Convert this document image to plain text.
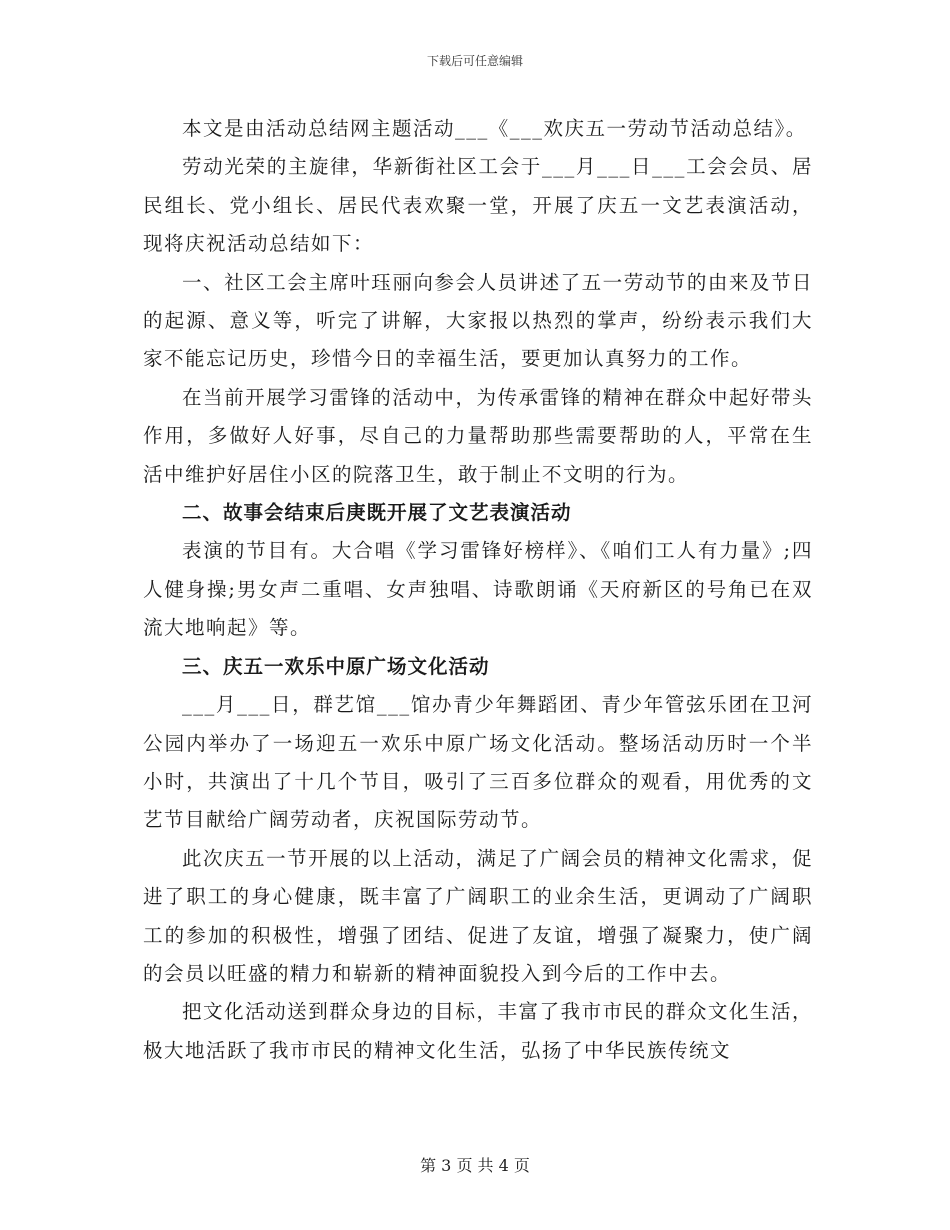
下载后可任意编辑

本文是由活动总结网主题活动___《___欢庆五一劳动节活动总结》。

劳动光荣的主旋律，华新街社区工会于___月___日___工会会员、居民组长、党小组长、居民代表欢聚一堂，开展了庆五一文艺表演活动，现将庆祝活动总结如下：

一、社区工会主席叶珏丽向参会人员讲述了五一劳动节的由来及节日的起源、意义等，听完了讲解，大家报以热烈的掌声，纷纷表示我们大家不能忘记历史，珍惜今日的幸福生活，要更加认真努力的工作。

在当前开展学习雷锋的活动中，为传承雷锋的精神在群众中起好带头作用，多做好人好事，尽自己的力量帮助那些需要帮助的人，平常在生活中维护好居住小区的院落卫生，敢于制止不文明的行为。

二、故事会结束后庚既开展了文艺表演活动

表演的节目有。大合唱《学习雷锋好榜样》、《咱们工人有力量》;四人健身操;男女声二重唱、女声独唱、诗歌朗诵《天府新区的号角已在双流大地响起》等。

三、庆五一欢乐中原广场文化活动

___月___日，群艺馆___馆办青少年舞蹈团、青少年管弦乐团在卫河公园内举办了一场迎五一欢乐中原广场文化活动。整场活动历时一个半小时，共演出了十几个节目，吸引了三百多位群众的观看，用优秀的文艺节目献给广阔劳动者，庆祝国际劳动节。

此次庆五一节开展的以上活动，满足了广阔会员的精神文化需求，促进了职工的身心健康，既丰富了广阔职工的业余生活，更调动了广阔职工的参加的积极性，增强了团结、促进了友谊，增强了凝聚力，使广阔的会员以旺盛的精力和崭新的精神面貌投入到今后的工作中去。

把文化活动送到群众身边的目标，丰富了我市市民的群众文化生活，极大地活跃了我市市民的精神文化生活，弘扬了中华民族传统文

第 3 页 共 4 页
